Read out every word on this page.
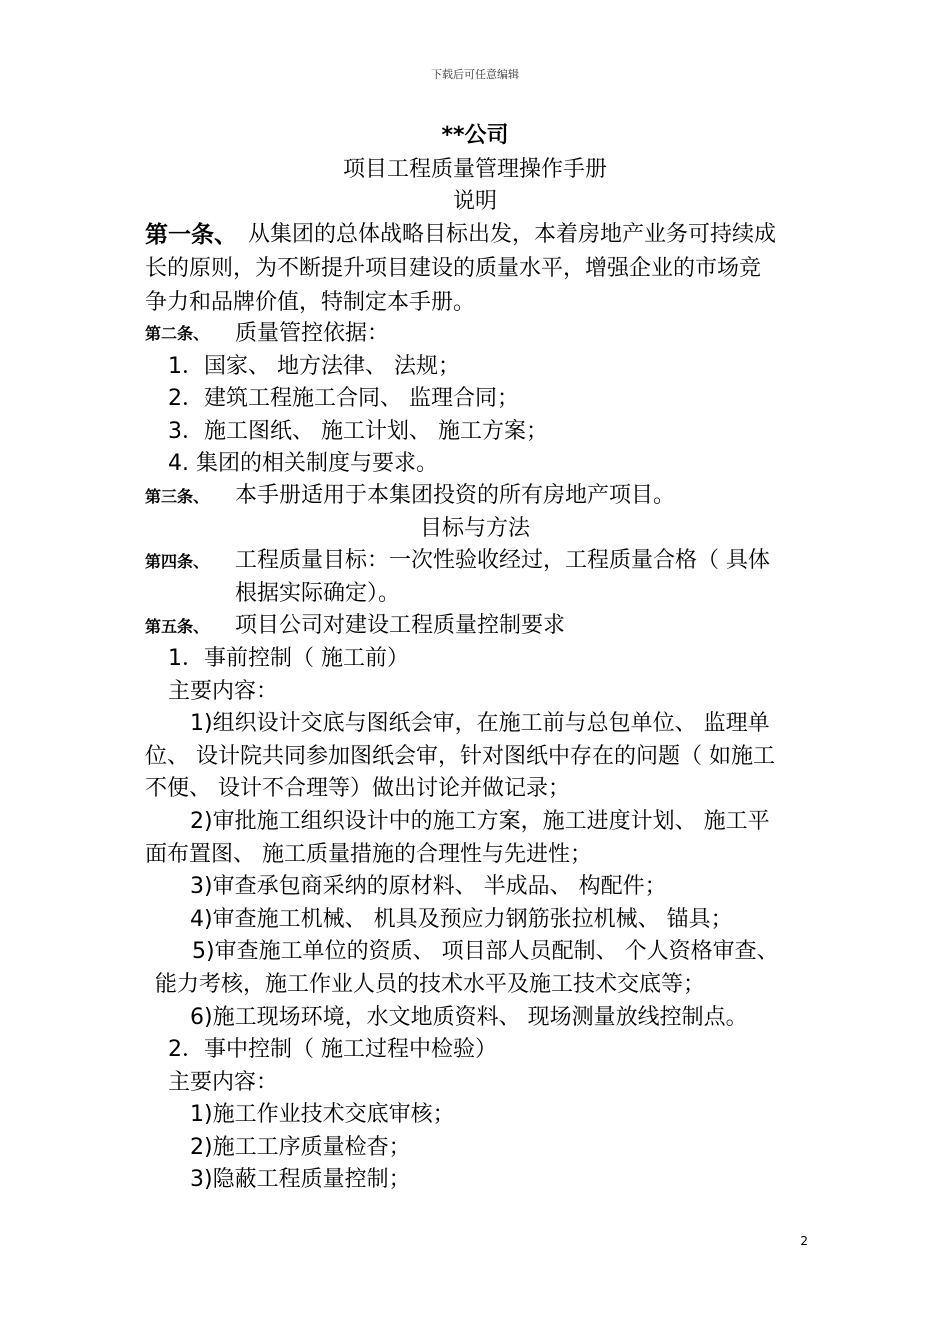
下载后可任意编辑
**公司
项目工程质量管理操作手册
说明
第一条、 从集团的总体战略目标出发，本着房地产业务可持续成
长的原则，为不断提升项目建设的质量水平，增强企业的市场竞
争力和品牌价值，特制定本手册。
第二条、 质量管控依据：
1．国家、 地方法律、 法规；
2．建筑工程施工合同、 监理合同；
3．施工图纸、 施工计划、 施工方案；
4. 集团的相关制度与要求。
第三条、 本手册适用于本集团投资的所有房地产项目。
目标与方法
第四条、 工程质量目标：一次性验收经过，工程质量合格（ 具体
根据实际确定）。
第五条、 项目公司对建设工程质量控制要求
1．事前控制（ 施工前）
主要内容：
1)组织设计交底与图纸会审，在施工前与总包单位、 监理单
位、 设计院共同参加图纸会审，针对图纸中存在的问题（ 如施工
不便、 设计不合理等）做出讨论并做记录；
2)审批施工组织设计中的施工方案，施工进度计划、 施工平
面布置图、 施工质量措施的合理性与先进性；
3)审查承包商采纳的原材料、 半成品、 构配件；
4)审查施工机械、 机具及预应力钢筋张拉机械、 锚具；
5)审查施工单位的资质、 项目部人员配制、 个人资格审查、
能力考核，施工作业人员的技术水平及施工技术交底等；
6)施工现场环境，水文地质资料、 现场测量放线控制点。
2．事中控制（ 施工过程中检验）
主要内容：
1)施工作业技术交底审核；
2)施工工序质量检杳；
3)隐蔽工程质量控制；
2
